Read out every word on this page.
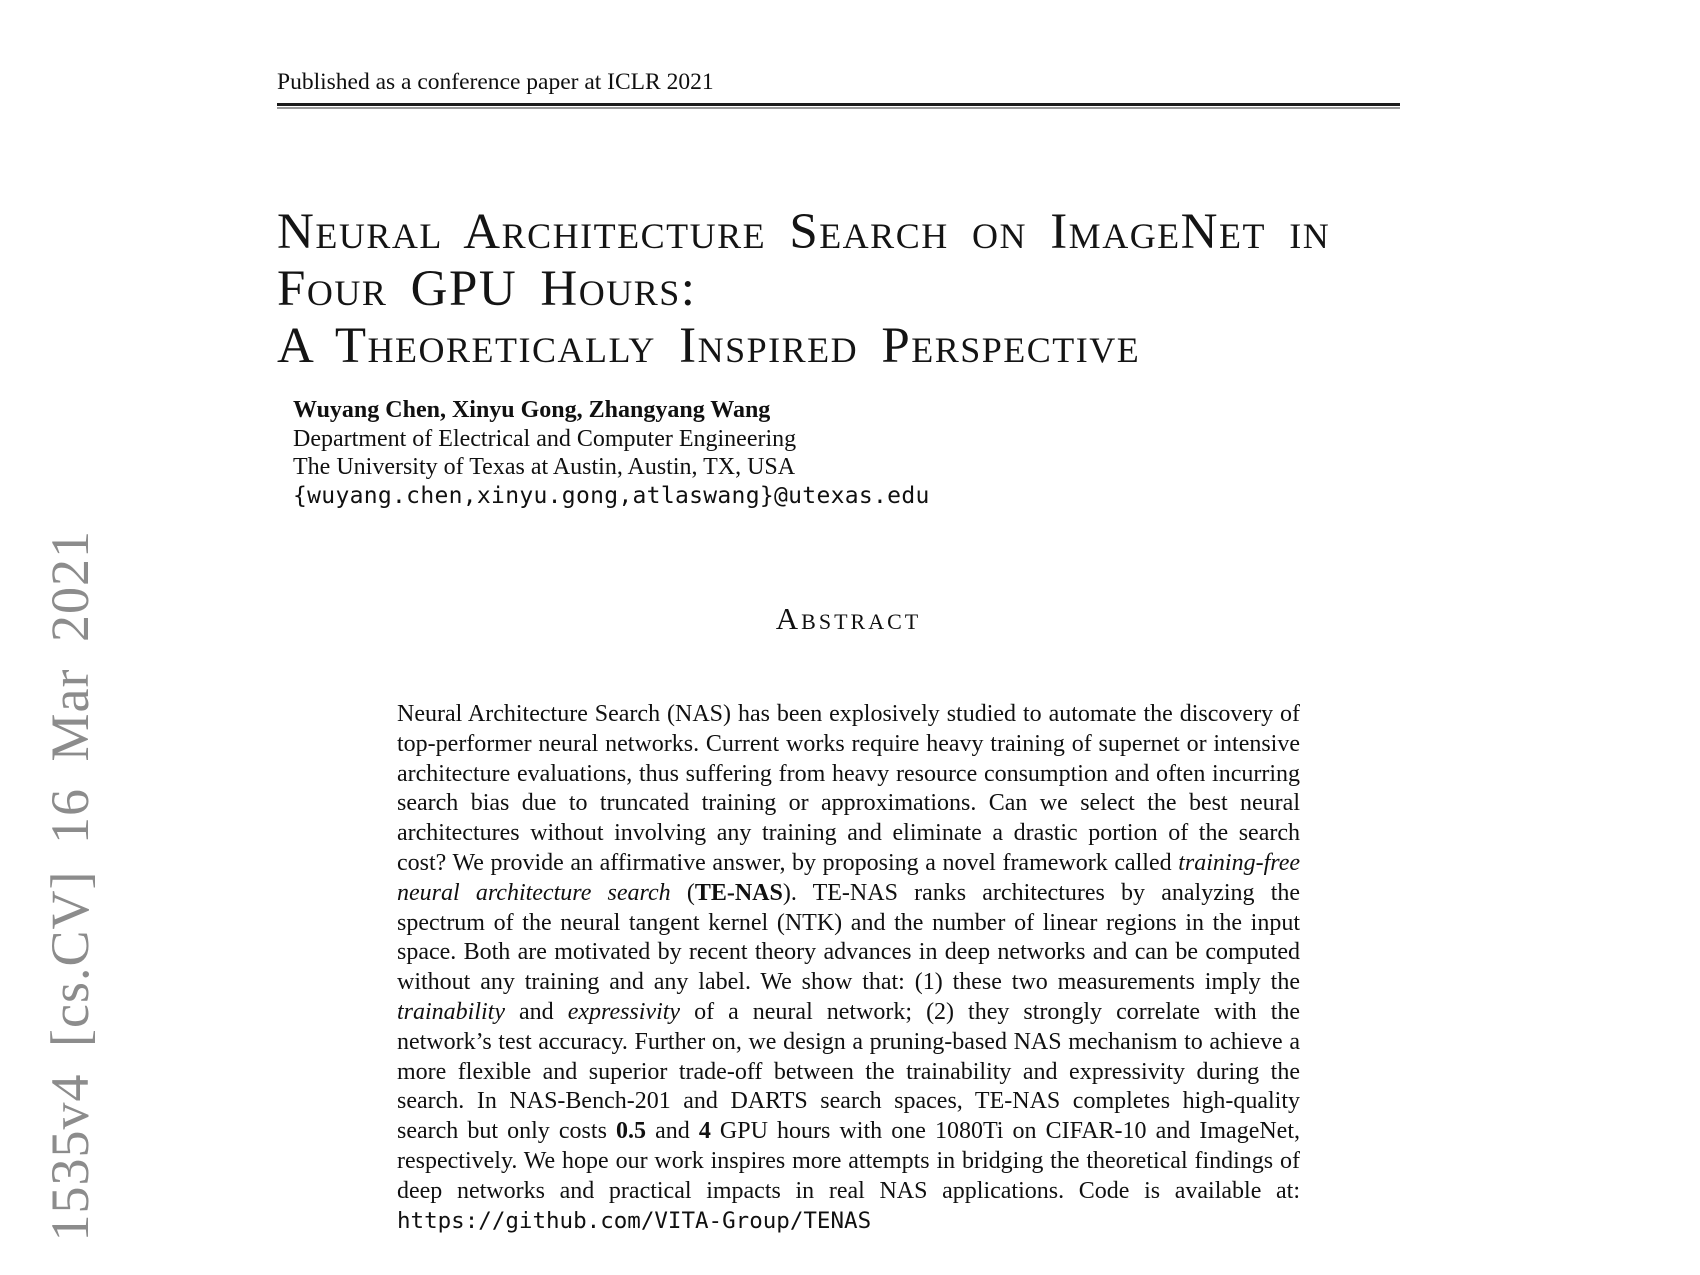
Published as a conference paper at ICLR 2021
1535v4 [cs.CV] 16 Mar 2021
Neural Architecture Search on ImageNet in
Four GPU Hours:
A Theoretically Inspired Perspective
Wuyang Chen, Xinyu Gong, Zhangyang Wang
Department of Electrical and Computer Engineering
The University of Texas at Austin, Austin, TX, USA
{wuyang.chen,xinyu.gong,atlaswang}@utexas.edu
Abstract

Neural Architecture Search (NAS) has been explosively studied to automate the discovery of top-performer neural networks. Current works require heavy training of supernet or intensive architecture evaluations, thus suffering from heavy resource consumption and often incurring search bias due to truncated training or approximations. Can we select the best neural architectures without involving any training and eliminate a drastic portion of the search cost? We provide an affirmative answer, by proposing a novel framework called training-free neural architecture search (TE-NAS). TE-NAS ranks architectures by analyzing the spectrum of the neural tangent kernel (NTK) and the number of linear regions in the input space. Both are motivated by recent theory advances in deep networks and can be computed without any training and any label. We show that: (1) these two measurements imply the trainability and expressivity of a neural network; (2) they strongly correlate with the network’s test accuracy. Further on, we design a pruning-based NAS mechanism to achieve a more flexible and superior trade-off between the trainability and expressivity during the search. In NAS-Bench-201 and DARTS search spaces, TE-NAS completes high-quality search but only costs 0.5 and 4 GPU hours with one 1080Ti on CIFAR-10 and ImageNet, respectively. We hope our work inspires more attempts in bridging the theoretical findings of deep networks and practical impacts in real NAS applications. Code is available at: https://github.com/VITA-Group/TENAS
